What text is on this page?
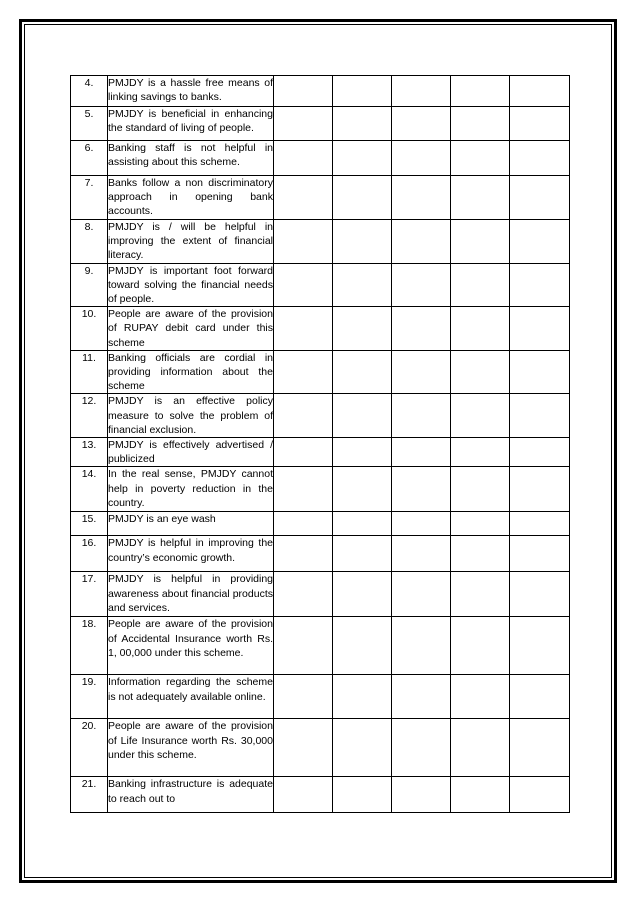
4.	PMJDY is a hassle free means of linking savings to banks.					
5.	PMJDY is beneficial in enhancing the standard of living of people.					
6.	Banking staff is not helpful in assisting about this scheme.					
7.	Banks follow a non discriminatory approach in opening bank accounts.					
8.	PMJDY is / will be helpful in improving the extent of financial literacy.					
9.	PMJDY is important foot forward toward solving the financial needs of people.					
10.	People are aware of the provision of RUPAY debit card under this scheme					
11.	Banking officials are cordial in providing information about the scheme					
12.	PMJDY is an effective policy measure to solve the problem of financial exclusion.					
13.	PMJDY is effectively advertised / publicized					
14.	In the real sense, PMJDY cannot help in poverty reduction in the country.					
15.	PMJDY is an eye wash					
16.	PMJDY is helpful in improving the country’s economic growth.					
17.	PMJDY is helpful in providing awareness about financial products and services.					
18.	People are aware of the provision of Accidental Insurance worth Rs. 1, 00,000 under this scheme.					
19.	Information regarding the scheme is not adequately available online.					
20.	People are aware of the provision of Life Insurance worth Rs. 30,000 under this scheme.					
21.	Banking infrastructure is adequate to reach out to					
